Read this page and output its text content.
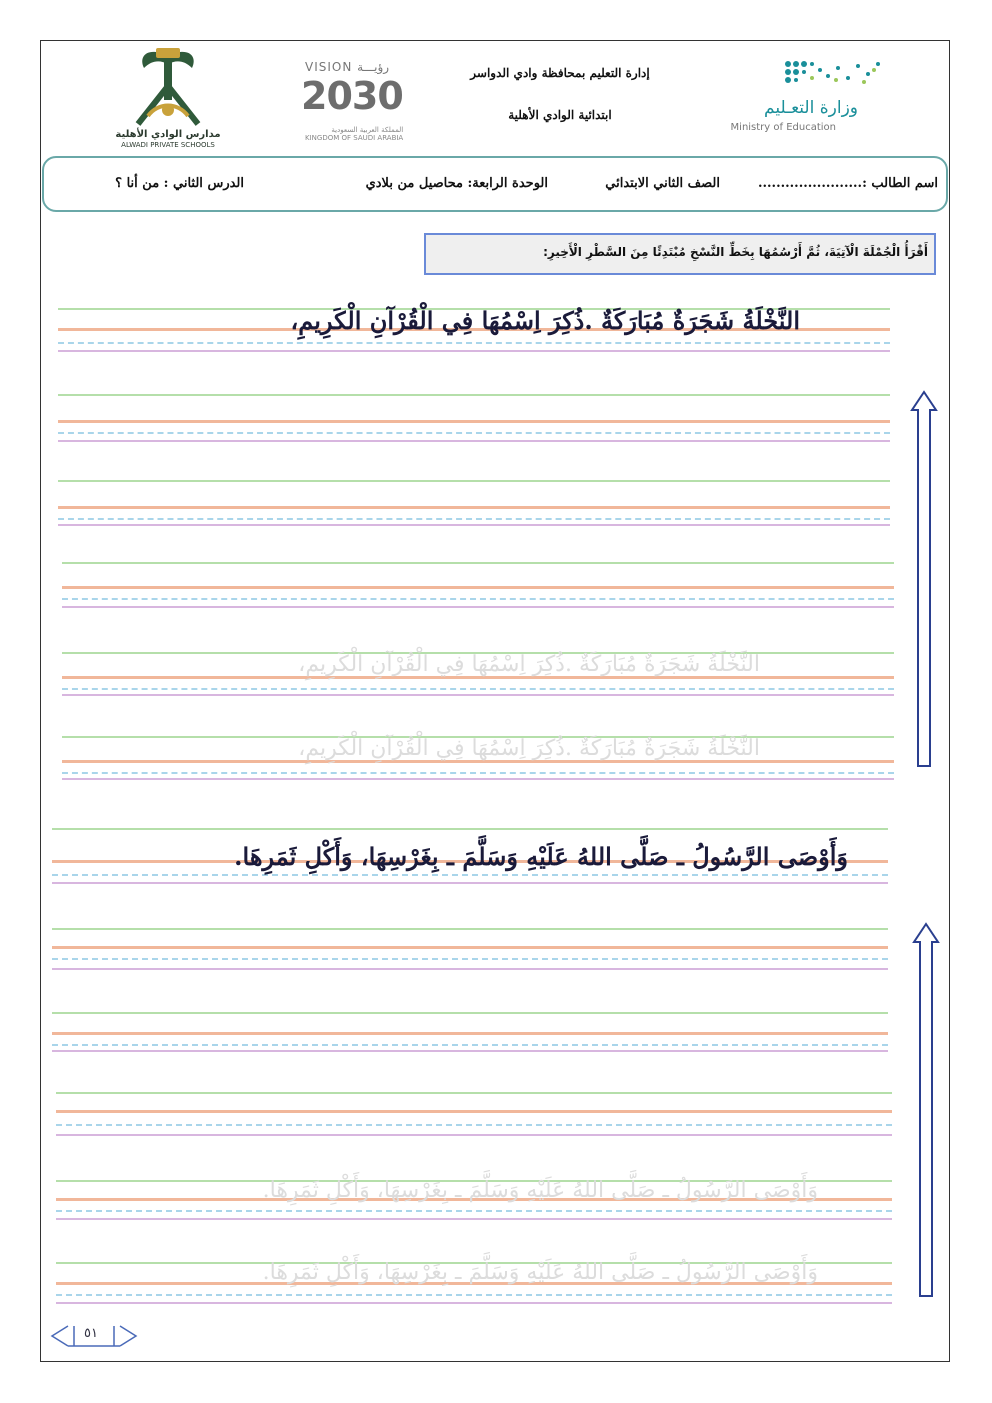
مدارس الوادي الأهلية
ALWADI PRIVATE SCHOOLS
VISION رؤيـــة
2030
المملكة العربية السعودية
KINGDOM OF SAUDI ARABIA
إدارة التعليم بمحافظة وادي الدواسر
ابتدائية الوادي الأهلية	وزارة التعـليم
Ministry of Education
اسم الطالب :.......................
الصف الثاني الابتدائي
الوحدة الرابعة: محاصيل من بلادي
الدرس الثاني : من أنا ؟
أَقْرَأُ الْجُمْلَةَ الْآتِيَةَ، ثُمَّ أَرْسُمُهَا بِخَطِّ النَّسْخِ مُبْتَدِئًا مِنَ السَّطْرِ الْأَخِيرِ:
النَّخْلَةُ شَجَرَةٌ مُبَارَكَةٌ .ذُكِرَ اِسْمُهَا فِي الْقُرْآنِ الْكَرِيمِ،
النَّخْلَةُ شَجَرَةٌ مُبَارَكَةٌ .ذُكِرَ اِسْمُهَا فِي الْقُرْآنِ الْكَرِيمِ،
النَّخْلَةُ شَجَرَةٌ مُبَارَكَةٌ .ذُكِرَ اِسْمُهَا فِي الْقُرْآنِ الْكَرِيمِ،
وَأَوْصَى الرَّسُولُ ـ صَلَّى اللهُ عَلَيْهِ وَسَلَّمَ ـ بِغَرْسِهَا، وَأَكْلِ ثَمَرِهَا.
وَأَوْصَى الرَّسُولُ ـ صَلَّى اللهُ عَلَيْهِ وَسَلَّمَ ـ بِغَرْسِهَا، وَأَكْلِ ثَمَرِهَا.
وَأَوْصَى الرَّسُولُ ـ صَلَّى اللهُ عَلَيْهِ وَسَلَّمَ ـ بِغَرْسِهَا، وَأَكْلِ ثَمَرِهَا.
٥١
